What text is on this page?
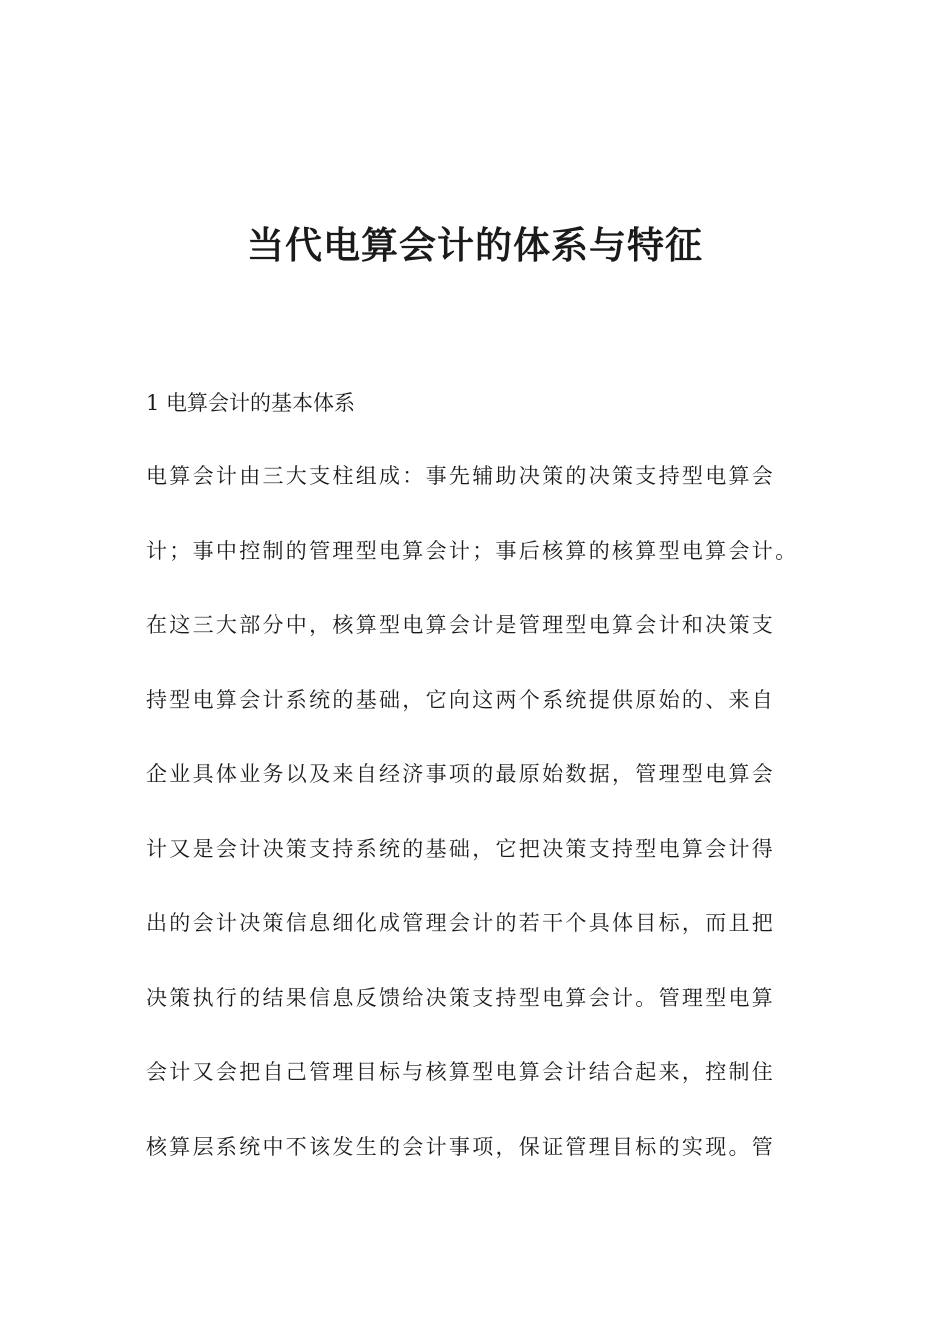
当代电算会计的体系与特征

1 电算会计的基本体系

电算会计由三大支柱组成：事先辅助决策的决策支持型电算会

计；事中控制的管理型电算会计；事后核算的核算型电算会计。

在这三大部分中，核算型电算会计是管理型电算会计和决策支

持型电算会计系统的基础，它向这两个系统提供原始的、来自

企业具体业务以及来自经济事项的最原始数据，管理型电算会

计又是会计决策支持系统的基础，它把决策支持型电算会计得

出的会计决策信息细化成管理会计的若干个具体目标，而且把

决策执行的结果信息反馈给决策支持型电算会计。管理型电算

会计又会把自己管理目标与核算型电算会计结合起来，控制住

核算层系统中不该发生的会计事项，保证管理目标的实现。管
